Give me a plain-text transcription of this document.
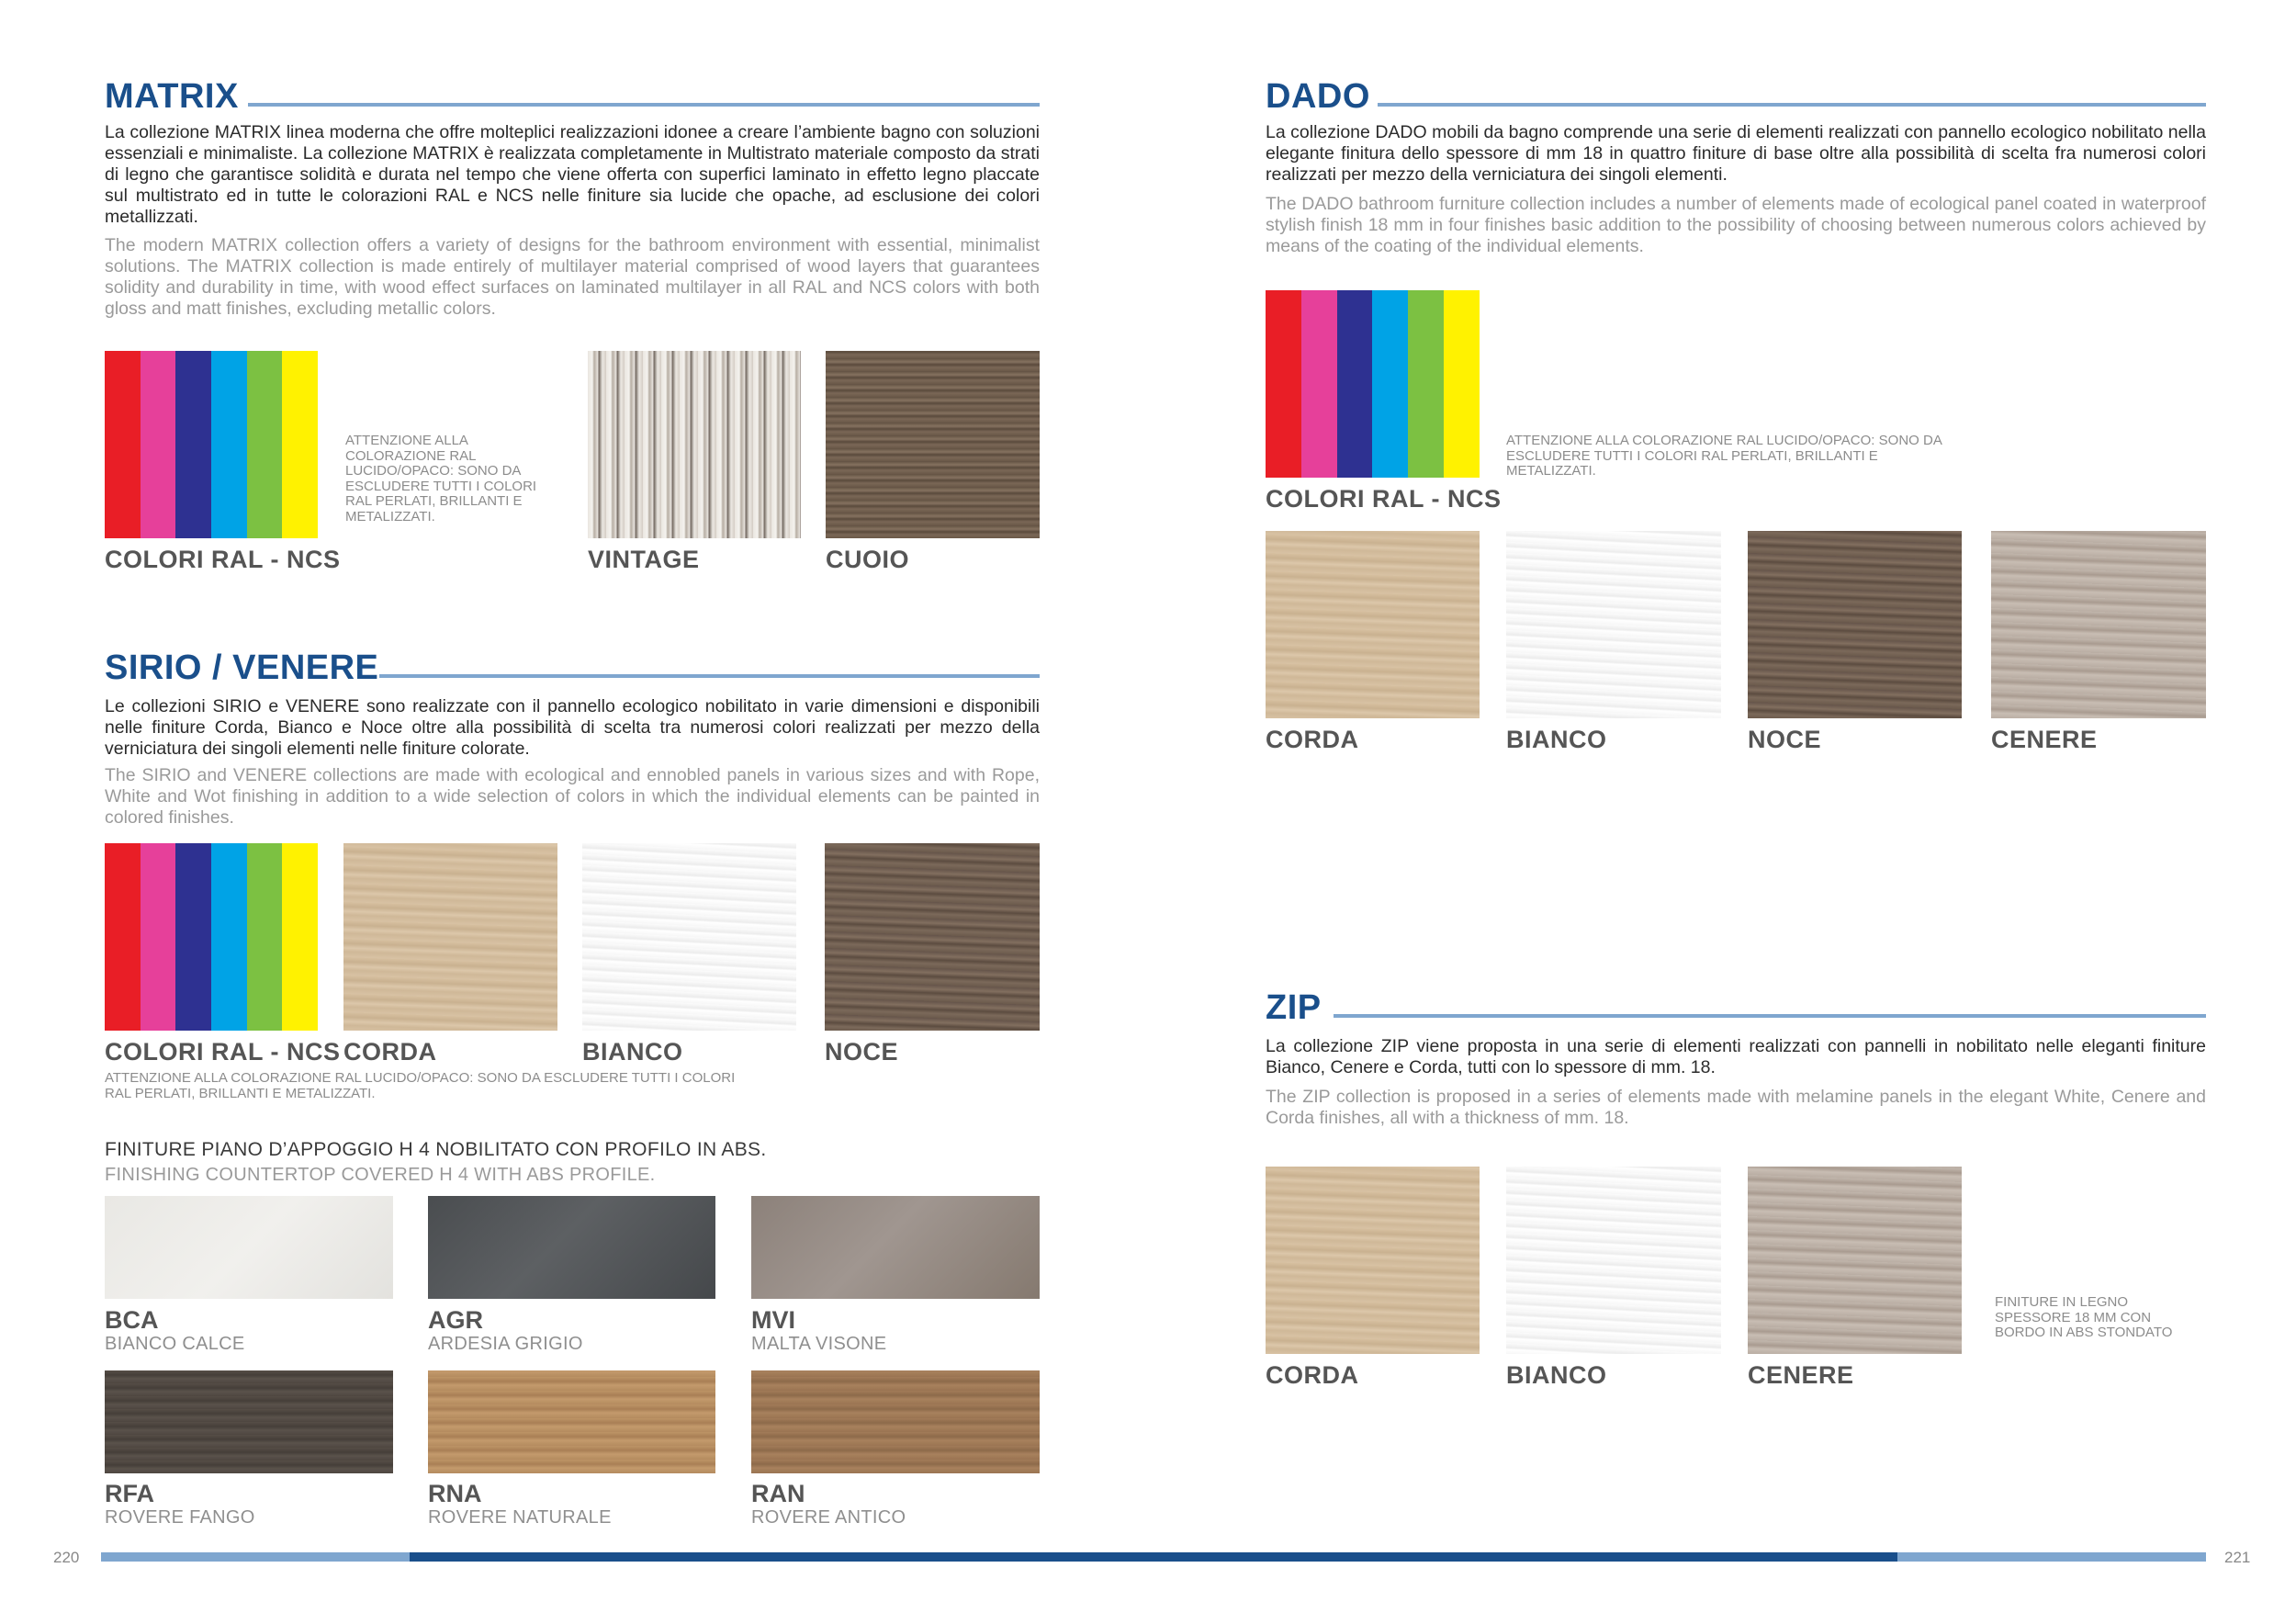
MATRIX
La collezione MATRIX linea moderna che offre molteplici realizzazioni idonee a creare l’ambiente bagno con soluzioni essenziali e minimaliste. La collezione MATRIX è realizzata completamente in Multistrato materiale composto da strati di legno che garantisce solidità e durata nel tempo che viene offerta con superfici laminato in effetto legno placcate sul multistrato ed in tutte le colorazioni RAL e NCS nelle finiture sia lucide che opache, ad esclusione dei colori metallizzati.
The modern MATRIX collection offers a variety of designs for the bathroom environment with essential, minimalist solutions. The MATRIX collection is made entirely of multilayer material comprised of wood layers that guarantees solidity and durability in time, with wood effect surfaces on laminated multilayer in all RAL and NCS colors with both gloss and matt finishes, excluding metallic colors.
COLORI RAL - NCS
ATTENZIONE ALLA COLORAZIONE RAL LUCIDO/OPACO: SONO DA ESCLUDERE TUTTI I COLORI RAL PERLATI, BRILLANTI E METALIZZATI.
VINTAGE	CUOIO
SIRIO / VENERE
Le collezioni SIRIO e VENERE sono realizzate con il pannello ecologico nobilitato in varie dimensioni e disponibili nelle finiture Corda, Bianco e Noce oltre alla possibilità di scelta tra numerosi colori realizzati per mezzo della verniciatura dei singoli elementi nelle finiture colorate.
The SIRIO and VENERE collections are made with ecological and ennobled panels in various sizes and with Rope, White and Wot finishing in addition to a wide selection of colors in which the individual elements can be painted in colored finishes.
COLORI RAL - NCS CORDA	BIANCO	NOCE
ATTENZIONE ALLA COLORAZIONE RAL LUCIDO/OPACO: SONO DA ESCLUDERE TUTTI I COLORI RAL PERLATI, BRILLANTI E METALIZZATI.
FINITURE PIANO D’APPOGGIO H 4 NOBILITATO CON PROFILO IN ABS.
FINISHING COUNTERTOP COVERED H 4 WITH ABS PROFILE.
BCA
BIANCO CALCE
AGR
ARDESIA GRIGIO
MVI
MALTA VISONE
RFA
ROVERE FANGO
RNA
ROVERE NATURALE
RAN
ROVERE ANTICO
DADO
La collezione DADO mobili da bagno comprende una serie di elementi realizzati con pannello ecologico nobilitato nella elegante finitura dello spessore di mm 18 in quattro finiture di base oltre alla possibilità di scelta fra numerosi colori realizzati per mezzo della verniciatura dei singoli elementi.
The DADO bathroom furniture collection includes a number of elements made of ecological panel coated in waterproof stylish finish 18 mm in four finishes basic addition to the possibility of choosing between numerous colors achieved by means of the coating of the individual elements.
COLORI RAL - NCS
ATTENZIONE ALLA COLORAZIONE RAL LUCIDO/OPACO: SONO DA ESCLUDERE TUTTI I COLORI RAL PERLATI, BRILLANTI E METALIZZATI.
CORDA	BIANCO	NOCE	CENERE
ZIP
La collezione ZIP viene proposta in una serie di elementi realizzati con pannelli in nobilitato nelle eleganti finiture Bianco, Cenere e Corda, tutti con lo spessore di mm. 18.
The ZIP collection is proposed in a series of elements made with melamine panels in the elegant White, Cenere and Corda finishes, all with a thickness of mm. 18.
CORDA	BIANCO	CENERE
FINITURE IN LEGNO SPESSORE 18 MM CON BORDO IN ABS STONDATO
220	221
